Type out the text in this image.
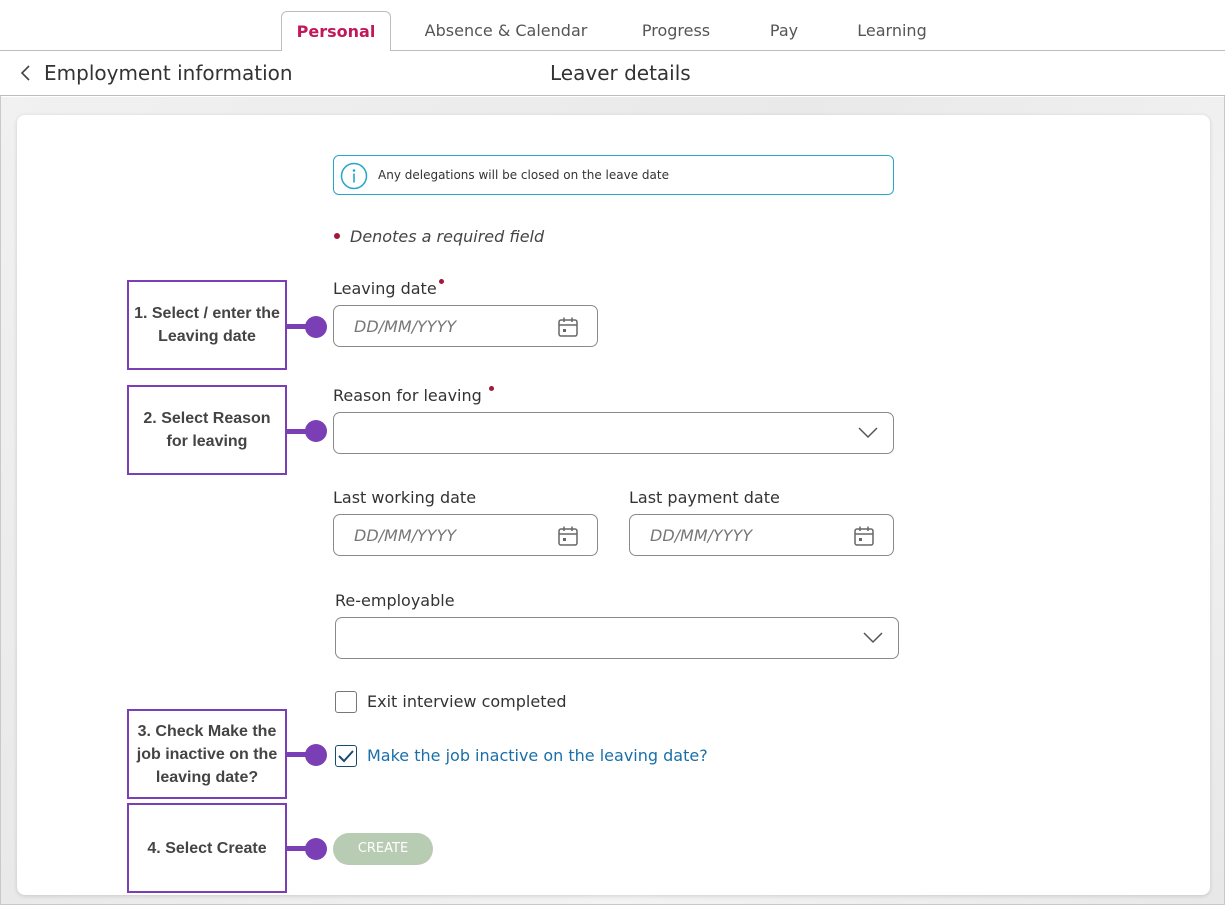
Personal	Absence & Calendar	Progress	Pay	Learning
Employment information	Leaver details
Any delegations will be closed on the leave date
Denotes a required field
Leaving date
DD/MM/YYYY
Reason for leaving
Last working date
DD/MM/YYYY
Last payment date
DD/MM/YYYY
Re-employable
Exit interview completed
Make the job inactive on the leaving date?
CREATE
1. Select / enter the Leaving date
2. Select Reason for leaving
3. Check Make the job inactive on the leaving date?
4. Select Create
